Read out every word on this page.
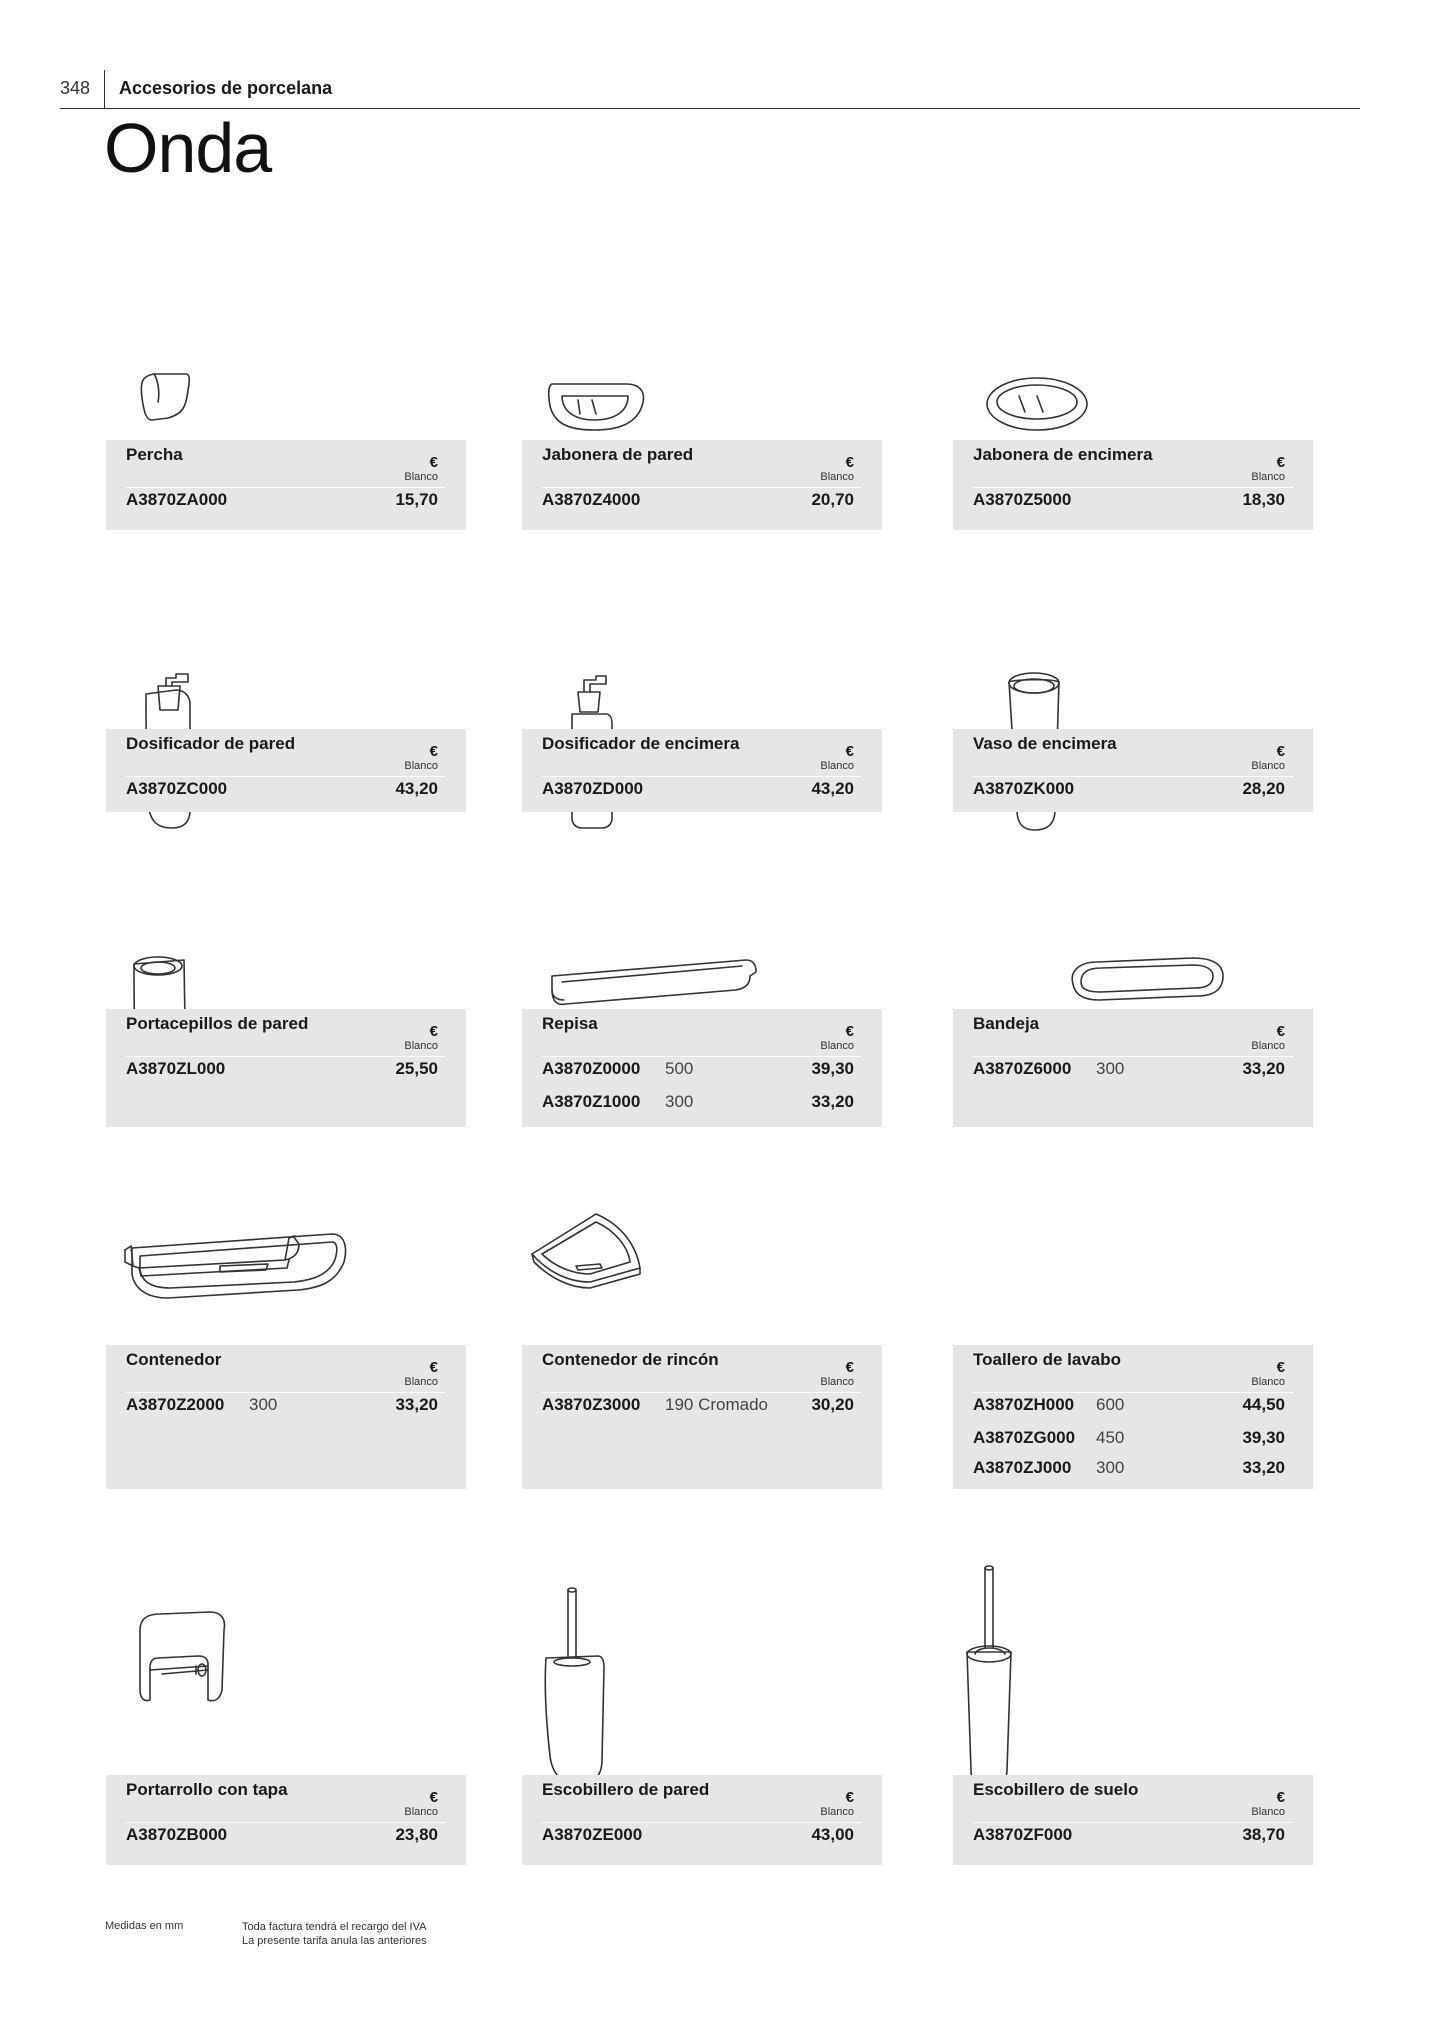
348 Accesorios de porcelana
Onda
Percha	€
Blanco
A3870ZA000	15,70
Jabonera de pared	€
Blanco
A3870Z4000	20,70
Jabonera de encimera	€
Blanco
A3870Z5000	18,30
Dosificador de pared	€
Blanco
A3870ZC000	43,20
Dosificador de encimera	€
Blanco
A3870ZD000	43,20
Vaso de encimera	€
Blanco
A3870ZK000	28,20
Portacepillos de pared	€
Blanco
A3870ZL000	25,50
Repisa	€
Blanco
A3870Z0000 500	39,30
A3870Z1000 300	33,20
Bandeja	€
Blanco
A3870Z6000 300	33,20
Contenedor	€
Blanco
A3870Z2000 300	33,20
Contenedor de rincón	€
Blanco
A3870Z3000 190 Cromado	30,20
Toallero de lavabo	€
Blanco
A3870ZH000 600	44,50
A3870ZG000 450	39,30
A3870ZJ000 300	33,20
Portarrollo con tapa	€
Blanco
A3870ZB000	23,80
Escobillero de pared	€
Blanco
A3870ZE000	43,00
Escobillero de suelo	€
Blanco
A3870ZF000	38,70
Medidas en mm	Toda factura tendrá el recargo del IVA
La presente tarifa anula las anteriores
